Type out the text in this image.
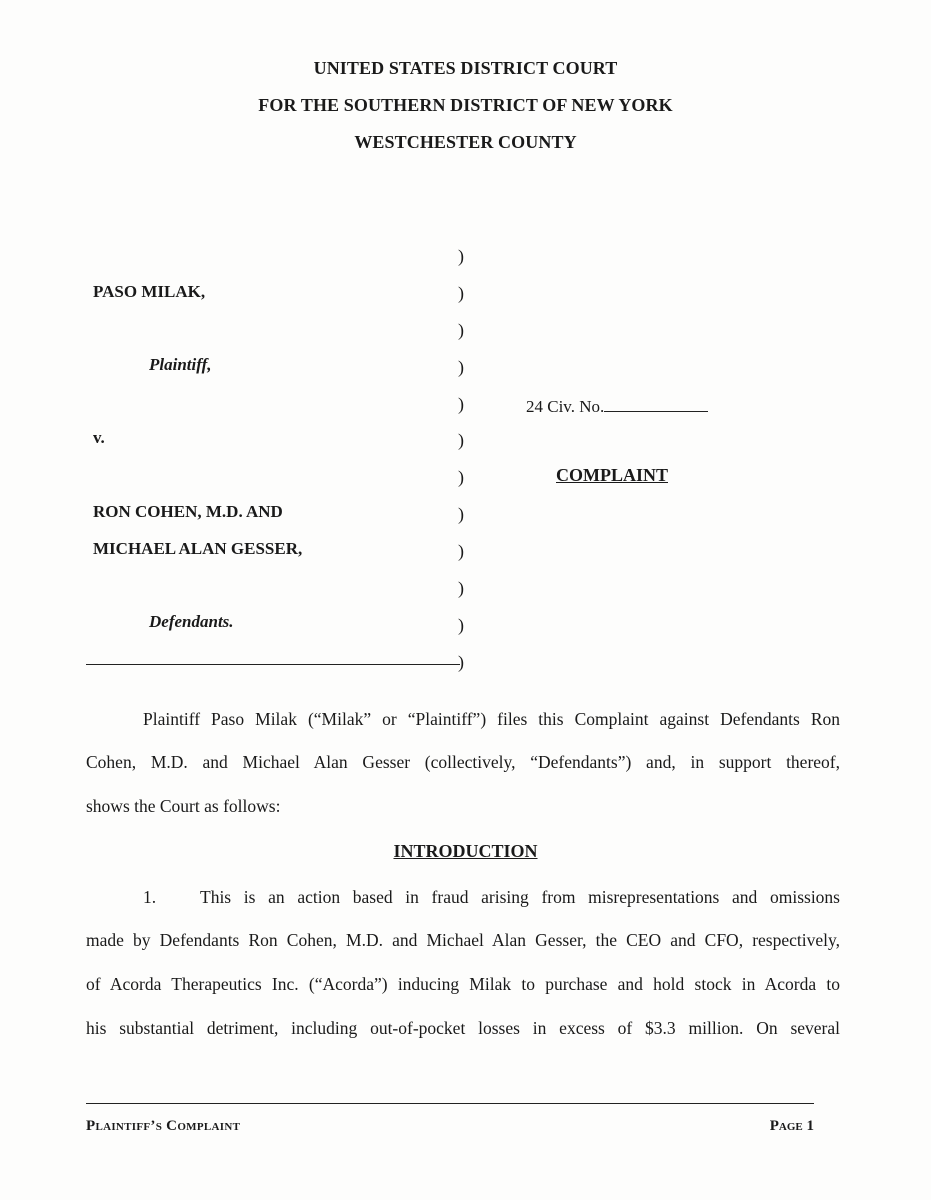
UNITED STATES DISTRICT COURT
FOR THE SOUTHERN DISTRICT OF NEW YORK
WESTCHESTER COUNTY
PASO MILAK,
Plaintiff,
v.
RON COHEN, M.D. AND
MICHAEL ALAN GESSER,
Defendants.
)
)
)
)
)
)
)
)
)
)
)
)
24 Civ. No.
COMPLAINT
Plaintiff Paso Milak (“Milak” or “Plaintiff”) files this Complaint against Defendants Ron
Cohen, M.D. and Michael Alan Gesser (collectively, “Defendants”) and, in support thereof,
shows the Court as follows:
INTRODUCTION
1.	This is an action based in fraud arising from misrepresentations and omissions
made by Defendants Ron Cohen, M.D. and Michael Alan Gesser, the CEO and CFO, respectively,
of Acorda Therapeutics Inc. (“Acorda”) inducing Milak to purchase and hold stock in Acorda to
his substantial detriment, including out-of-pocket losses in excess of $3.3 million. On several
Plaintiff’s Complaint	Page 1
